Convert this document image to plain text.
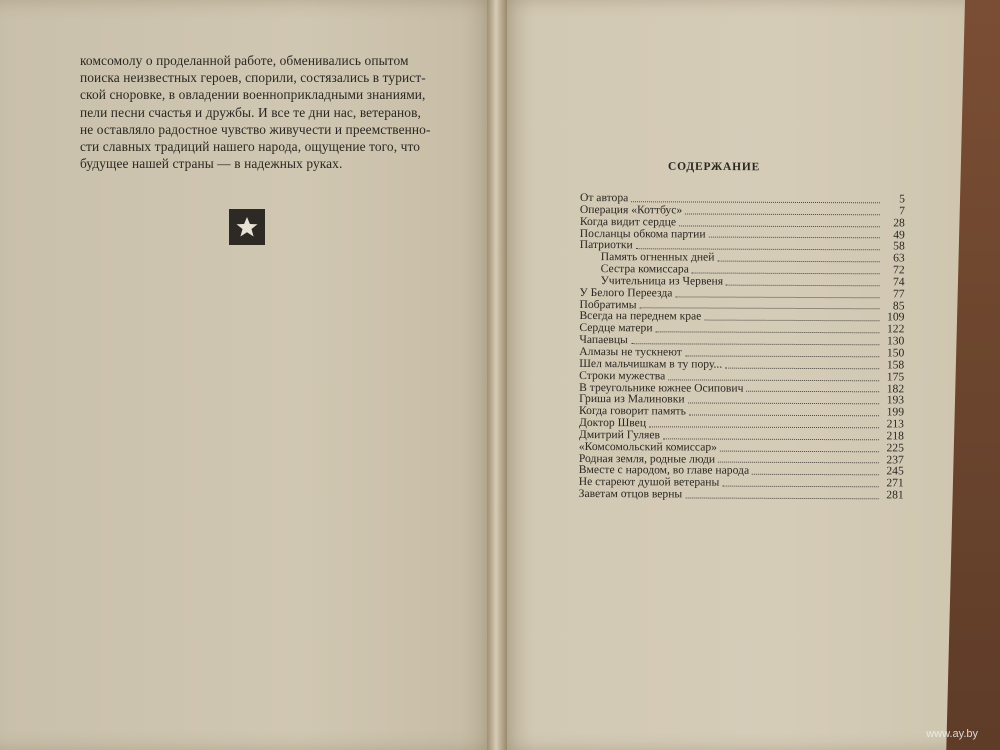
комсомолу о проделанной работе, обменивались опытом
поиска неизвестных героев, спорили, состязались в турист-
ской сноровке, в овладении военноприкладными знаниями,
пели песни счастья и дружбы. И все те дни нас, ветеранов,
не оставляло радостное чувство живучести и преемственно-
сти славных традиций нашего народа, ощущение того, что
будущее нашей страны — в надежных руках.	СОДЕРЖАНИЕ
От автора	5
Операция «Коттбус»	7
Когда видит сердце	28
Посланцы обкома партии	49
Патриотки	58
Память огненных дней	63
Сестра комиссара	72
Учительница из Червеня	74
У Белого Переезда	77
Побратимы	85
Всегда на переднем крае	109
Сердце матери	122
Чапаевцы	130
Алмазы не тускнеют	150
Шел мальчишкам в ту пору...	158
Строки мужества	175
В треугольнике южнее Осипович	182
Гриша из Малиновки	193
Когда говорит память	199
Доктор Швец	213
Дмитрий Гуляев	218
«Комсомольский комиссар»	225
Родная земля, родные люди	237
Вместе с народом, во главе народа	245
Не стареют душой ветераны	271
Заветам отцов верны	281
www.ay.by
